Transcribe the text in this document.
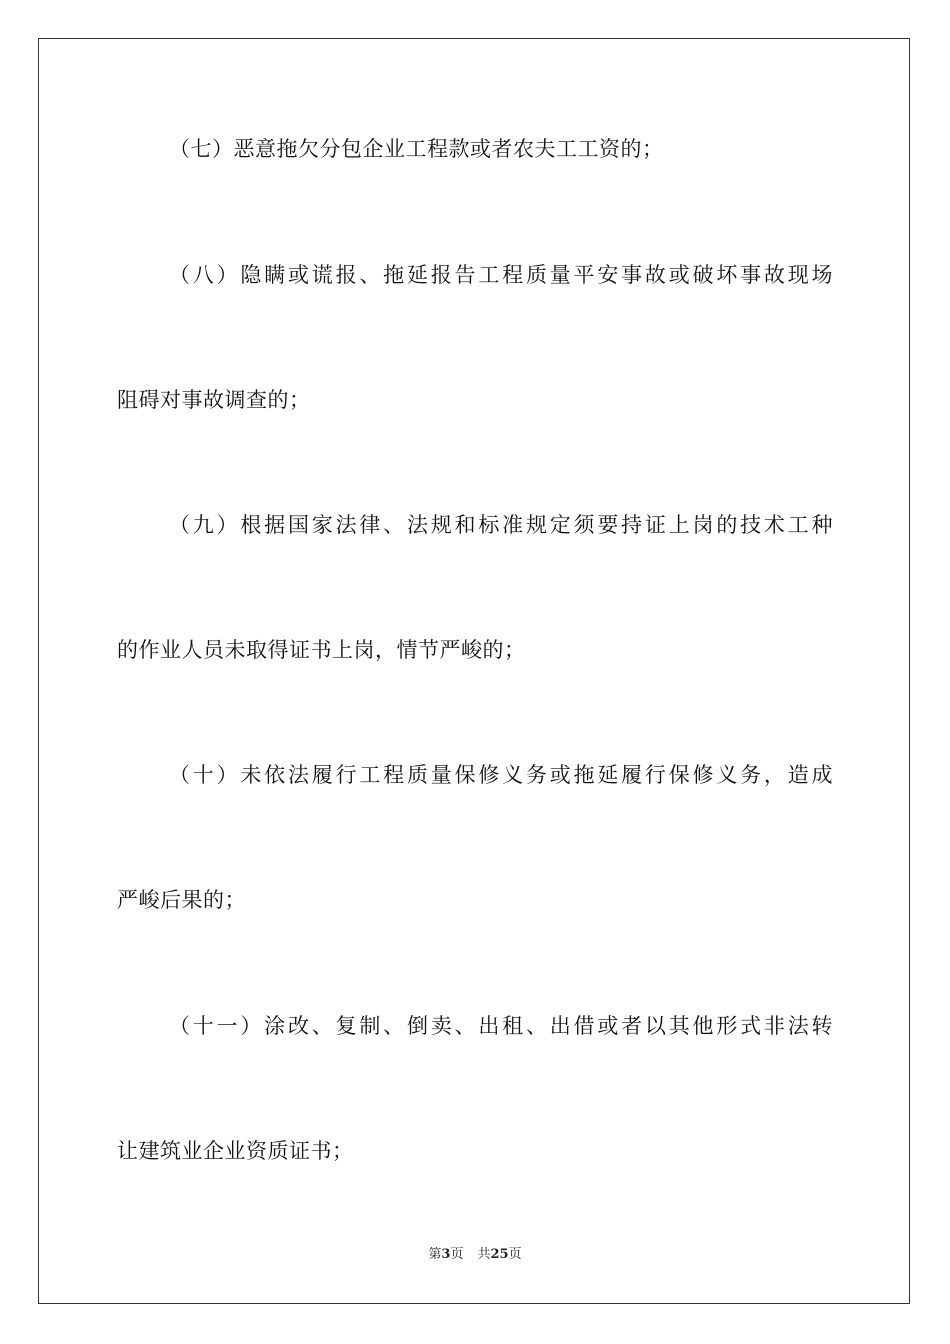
（七）恶意拖欠分包企业工程款或者农夫工工资的；
（八）隐瞒或谎报、拖延报告工程质量平安事故或破坏事故现场
阻碍对事故调查的；
（九）根据国家法律、法规和标准规定须要持证上岗的技术工种
的作业人员未取得证书上岗，情节严峻的；
（十）未依法履行工程质量保修义务或拖延履行保修义务，造成
严峻后果的；
（十一）涂改、复制、倒卖、出租、出借或者以其他形式非法转
让建筑业企业资质证书；
第3页 共25页
